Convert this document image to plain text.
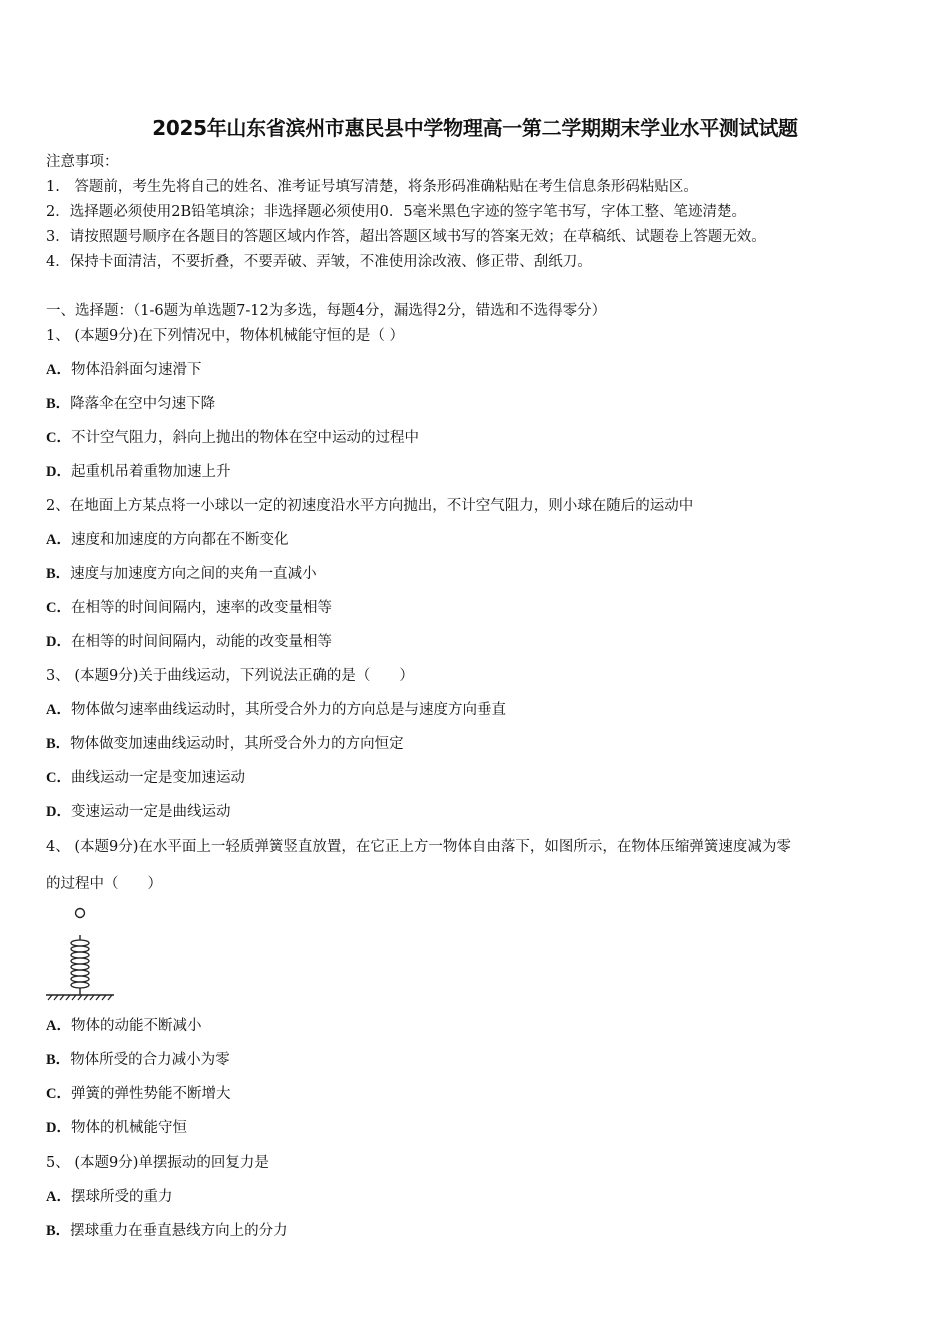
2025年山东省滨州市惠民县中学物理高一第二学期期末学业水平测试试题
注意事项：
1.　答题前，考生先将自己的姓名、准考证号填写清楚，将条形码准确粘贴在考生信息条形码粘贴区。
2．选择题必须使用2B铅笔填涂；非选择题必须使用0．5毫米黑色字迹的签字笔书写，字体工整、笔迹清楚。
3．请按照题号顺序在各题目的答题区域内作答，超出答题区域书写的答案无效；在草稿纸、试题卷上答题无效。
4．保持卡面清洁，不要折叠，不要弄破、弄皱，不准使用涂改液、修正带、刮纸刀。
一、选择题：（1-6题为单选题7-12为多选，每题4分，漏选得2分，错选和不选得零分）
1、 (本题9分)在下列情况中，物体机械能守恒的是（ ）
A．物体沿斜面匀速滑下
B．降落伞在空中匀速下降
C．不计空气阻力，斜向上抛出的物体在空中运动的过程中
D．起重机吊着重物加速上升
2、在地面上方某点将一小球以一定的初速度沿水平方向抛出，不计空气阻力，则小球在随后的运动中
A．速度和加速度的方向都在不断变化
B．速度与加速度方向之间的夹角一直减小
C．在相等的时间间隔内，速率的改变量相等
D．在相等的时间间隔内，动能的改变量相等
3、 (本题9分)关于曲线运动，下列说法正确的是（　　）
A．物体做匀速率曲线运动时，其所受合外力的方向总是与速度方向垂直
B．物体做变加速曲线运动时，其所受合外力的方向恒定
C．曲线运动一定是变加速运动
D．变速运动一定是曲线运动
4、 (本题9分)在水平面上一轻质弹簧竖直放置，在它正上方一物体自由落下，如图所示，在物体压缩弹簧速度减为零
的过程中（　　）
A．物体的动能不断减小
B．物体所受的合力减小为零
C．弹簧的弹性势能不断增大
D．物体的机械能守恒
5、 (本题9分)单摆振动的回复力是
A．摆球所受的重力
B．摆球重力在垂直悬线方向上的分力
